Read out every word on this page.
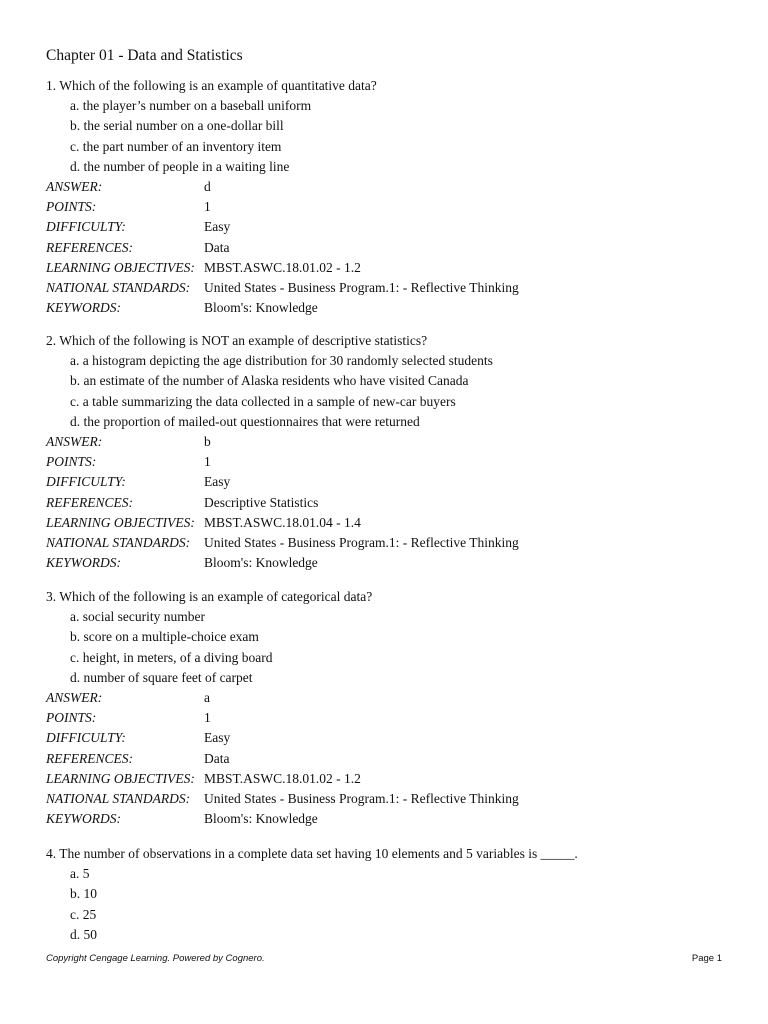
Chapter 01 - Data and Statistics
1. Which of the following is an example of quantitative data?
a. the player’s number on a baseball uniform
b. the serial number on a one-dollar bill
c. the part number of an inventory item
d. the number of people in a waiting line
ANSWER:	d
POINTS:	1
DIFFICULTY:	Easy
REFERENCES:	Data
LEARNING OBJECTIVES: MBST.ASWC.18.01.02 - 1.2
NATIONAL STANDARDS:	United States - Business Program.1: - Reflective Thinking
KEYWORDS:	Bloom's: Knowledge
2. Which of the following is NOT an example of descriptive statistics?
a. a histogram depicting the age distribution for 30 randomly selected students
b. an estimate of the number of Alaska residents who have visited Canada
c. a table summarizing the data collected in a sample of new-car buyers
d. the proportion of mailed-out questionnaires that were returned
ANSWER:	b
POINTS:	1
DIFFICULTY:	Easy
REFERENCES:	Descriptive Statistics
LEARNING OBJECTIVES: MBST.ASWC.18.01.04 - 1.4
NATIONAL STANDARDS:	United States - Business Program.1: - Reflective Thinking
KEYWORDS:	Bloom's: Knowledge
3. Which of the following is an example of categorical data?
a. social security number
b. score on a multiple-choice exam
c. height, in meters, of a diving board
d. number of square feet of carpet
ANSWER:	a
POINTS:	1
DIFFICULTY:	Easy
REFERENCES:	Data
LEARNING OBJECTIVES: MBST.ASWC.18.01.02 - 1.2
NATIONAL STANDARDS:	United States - Business Program.1: - Reflective Thinking
KEYWORDS:	Bloom's: Knowledge
4. The number of observations in a complete data set having 10 elements and 5 variables is _____.
a. 5
b. 10
c. 25
d. 50
Copyright Cengage Learning. Powered by Cognero.	Page 1
